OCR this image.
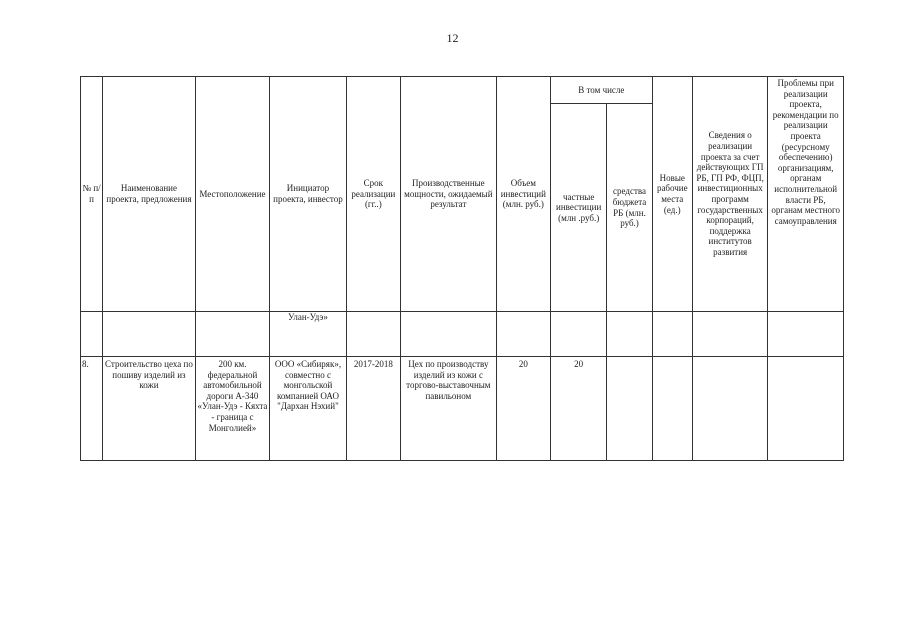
12
№ п/п	Наименование проекта, предложения	Местоположение	Инициатор проекта, инвестор	Срок реализации (гг..)	Производственные мощности, ожидаемый результат	Объем инвестиций (млн. руб.)	В том числе		Новые рабочие места (ед.)	Сведения о реализации проекта за счет действующих ГП РБ, ГП РФ, ФЦП, инвестиционных программ государственных корпораций, поддержка институтов развития	Проблемы при реализации проекта, рекомендации по реализации проекта (ресурсному обеспечению) организациям, органам исполнительной власти РБ, органам местного самоуправления
							частные инвестиции (млн .руб.)	средства бюджета РБ (млн. руб.)			
			Улан-Удэ»								
8.	Строительство цеха по пошиву изделий из кожи	200 км. федеральной автомобильной дороги А-340 «Улан-Удэ - Кяхта - граница с Монголией»	ООО «Сибиряк», совместно с монгольской компанией ОАО "Дархан Нэхий"	2017-2018	Цех по производству изделий из кожи с торгово-выставочным павильоном	20	20				
